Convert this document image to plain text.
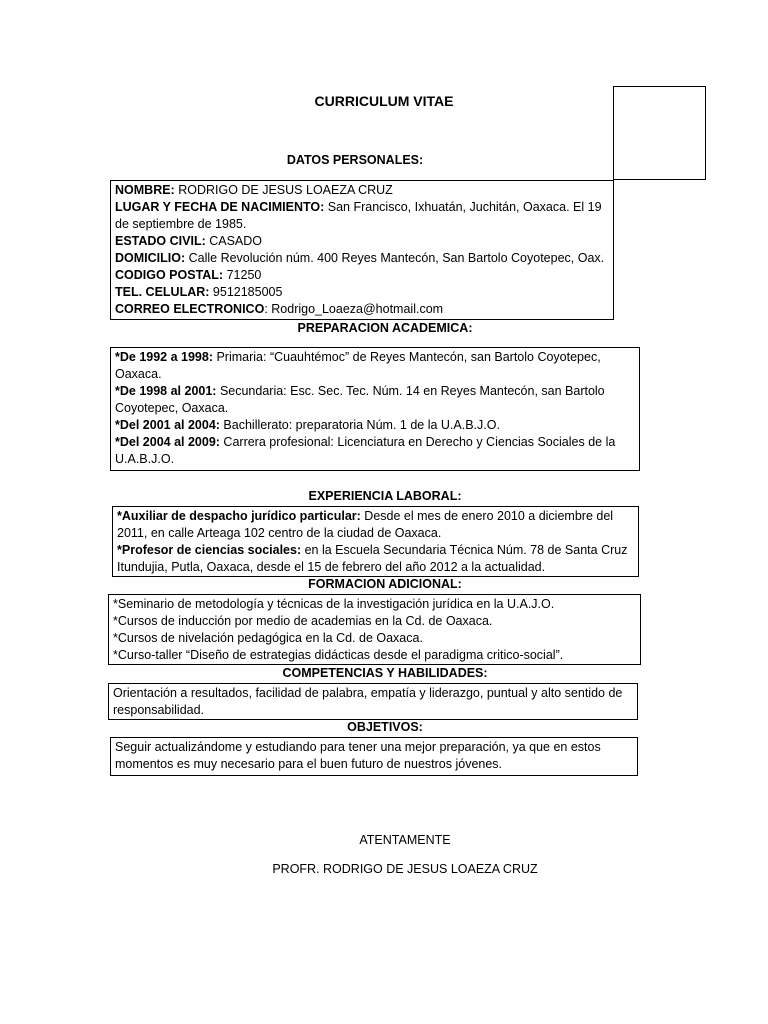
CURRICULUM VITAE
DATOS PERSONALES:

NOMBRE: RODRIGO DE JESUS LOAEZA CRUZ

LUGAR Y FECHA DE NACIMIENTO: San Francisco, Ixhuatán, Juchitán, Oaxaca. El 19 de septiembre de 1985.

ESTADO CIVIL: CASADO

DOMICILIO: Calle Revolución núm. 400 Reyes Mantecón, San Bartolo Coyotepec, Oax.

CODIGO POSTAL: 71250

TEL. CELULAR: 9512185005

CORREO ELECTRONICO: Rodrigo_Loaeza@hotmail.com

PREPARACION ACADEMICA:

*De 1992 a 1998: Primaria: “Cuauhtémoc” de Reyes Mantecón, san Bartolo Coyotepec, Oaxaca.

*De 1998 al 2001: Secundaria: Esc. Sec. Tec. Núm. 14 en Reyes Mantecón, san Bartolo Coyotepec, Oaxaca.

*Del 2001 al 2004: Bachillerato: preparatoria Núm. 1 de la U.A.B.J.O.

*Del 2004 al 2009: Carrera profesional: Licenciatura en Derecho y Ciencias Sociales de la U.A.B.J.O.

EXPERIENCIA LABORAL:

*Auxiliar de despacho jurídico particular: Desde el mes de enero 2010 a diciembre del 2011, en calle Arteaga 102 centro de la ciudad de Oaxaca.

*Profesor de ciencias sociales: en la Escuela Secundaria Técnica Núm. 78 de Santa Cruz Itundujia, Putla, Oaxaca, desde el 15 de febrero del año 2012 a la actualidad.

FORMACION ADICIONAL:

*Seminario de metodología y técnicas de la investigación jurídica en la U.A.J.O.

*Cursos de inducción por medio de academias en la Cd. de Oaxaca.

*Cursos de nivelación pedagógica en la Cd. de Oaxaca.

*Curso-taller “Diseño de estrategias didácticas desde el paradigma critico-social”.

COMPETENCIAS Y HABILIDADES:

Orientación a resultados, facilidad de palabra, empatía y liderazgo, puntual y alto sentido de responsabilidad.

OBJETIVOS:

Seguir actualizándome y estudiando para tener una mejor preparación, ya que en estos momentos es muy necesario para el buen futuro de nuestros jóvenes.

ATENTAMENTE
PROFR. RODRIGO DE JESUS LOAEZA CRUZ
